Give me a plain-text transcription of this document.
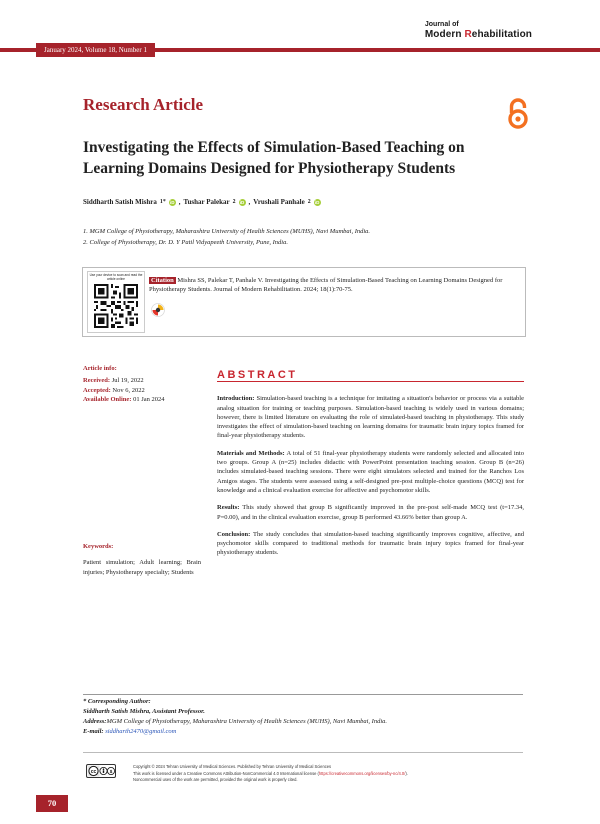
January 2024, Volume 18, Number 1
Journal of
Modern Rehabilitation
Research Article
Investigating the Effects of Simulation-Based Teaching on Learning Domains Designed for Physiotherapy Students
Siddharth Satish Mishra 1* iD , Tushar Palekar 2 iD , Vrushali Panhale 2 iD
1. MGM College of Physiotherapy, Maharashtra University of Health Sciences (MUHS), Navi Mumbai, India.
2. College of Physiotherapy, Dr. D. Y Patil Vidyapeeth University, Pune, India.
Use your device to scan and read the article online	Citation Mishra SS, Palekar T, Panhale V. Investigating the Effects of Simulation-Based Teaching on Learning Domains Designed for Physiotherapy Students. Journal of Modern Rehabilitation. 2024; 18(1):70-75.
Article info:
Received: Jul 19, 2022
Accepted: Nov 6, 2022
Available Online: 01 Jan 2024
Keywords:
Patient simulation; Adult learning; Brain injuries; Physiotherapy specialty; Students
ABSTRACT

Introduction: Simulation-based teaching is a technique for imitating a situation's behavior or process via a suitable analog situation for training or teaching purposes. Simulation-based teaching is widely used in various domains; however, there is limited literature on evaluating the role of simulated-based teaching in physiotherapy. This study investigates the effect of simulation-based teaching on learning domains for traumatic brain injury topics framed for final-year physiotherapy students.

Materials and Methods: A total of 51 final-year physiotherapy students were randomly selected and allocated into two groups. Group A (n=25) includes didactic with PowerPoint presentation teaching session. Group B (n=26) includes simulated-based teaching sessions. There were eight simulators selected and trained for the Ranchos Los Amigos stages. The students were assessed using a self-designed pre-post multiple-choice questions (MCQ) test for knowledge and a clinical evaluation exercise for affective and psychomotor skills.

Results: This study showed that group B significantly improved in the pre-post self-made MCQ test (t=17.34, P=0.00), and in the clinical evaluation exercise, group B performed 43.66% better than group A.

Conclusion: The study concludes that simulation-based teaching significantly improves cognitive, affective, and psychomotor skills compared to traditional methods for traumatic brain injury topics framed for final-year physiotherapy students.

* Corresponding Author:
Siddharth Satish Mishra, Assistant Professor.
Address:MGM College of Physiotherapy, Maharashtra University of Health Sciences (MUHS), Navi Mumbai, India.
E-mail: siddharth2470@gmail.com
cc	$
Copyright © 2024 Tehran University of Medical Sciences. Published by Tehran University of Medical Sciences
This work is licensed under a Creative Commons Attribution-NonCommercial 4.0 International license (https://creativecommons.org/licenses/by-nc/4.0/).
Noncommercial uses of the work are permitted, provided the original work is properly cited.
70
